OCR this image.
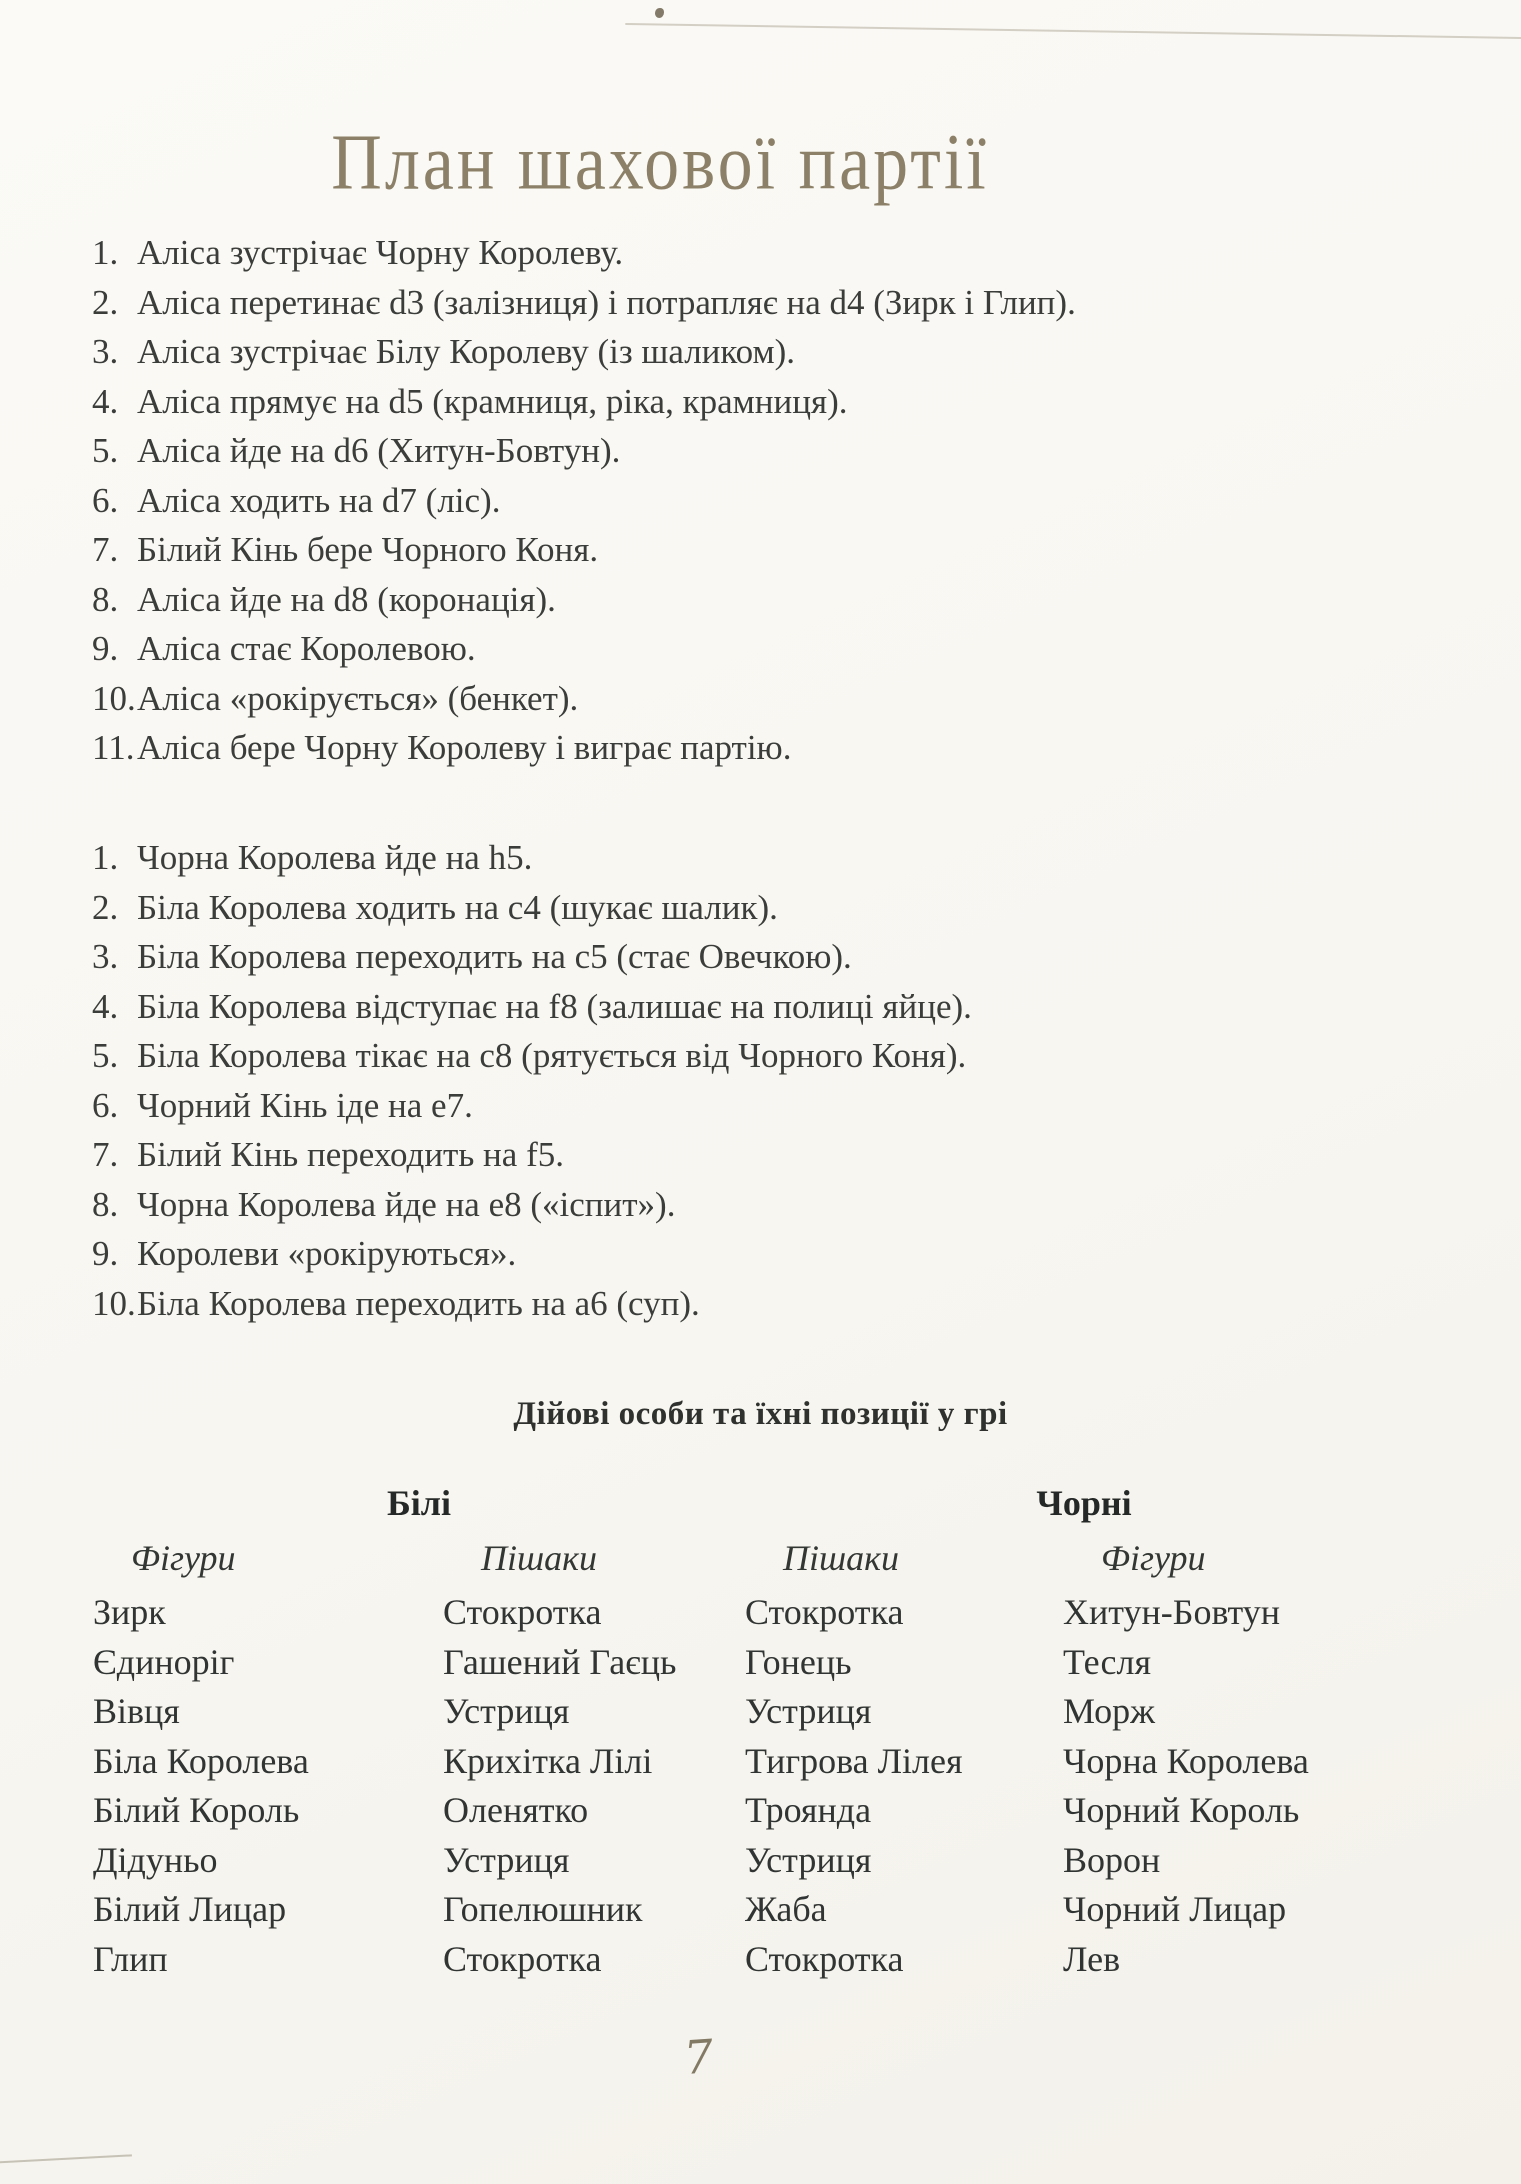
План шахової партії
1. Аліса зустрічає Чорну Королеву.
2. Аліса перетинає d3 (залізниця) і потрапляє на d4 (Зирк і Глип).
3. Аліса зустрічає Білу Королеву (із шаликом).
4. Аліса прямує на d5 (крамниця, ріка, крамниця).
5. Аліса йде на d6 (Хитун-Бовтун).
6. Аліса ходить на d7 (ліс).
7. Білий Кінь бере Чорного Коня.
8. Аліса йде на d8 (коронація).
9. Аліса стає Королевою.
10.Аліса «рокірується» (бенкет).
11.Аліса бере Чорну Королеву і виграє партію.
1. Чорна Королева йде на h5.
2. Біла Королева ходить на c4 (шукає шалик).
3. Біла Королева переходить на c5 (стає Овечкою).
4. Біла Королева відступає на f8 (залишає на полиці яйце).
5. Біла Королева тікає на c8 (рятується від Чорного Коня).
6. Чорний Кінь іде на e7.
7. Білий Кінь переходить на f5.
8. Чорна Королева йде на e8 («іспит»).
9. Королеви «рокіруються».
10.Біла Королева переходить на a6 (суп).
Дійові особи та їхні позиції у грі
Білі	Чорні
Фігури	Пішаки	Пішаки	Фігури
Зирк	Стокротка	Стокротка	Хитун-Бовтун
Єдиноріг	Гашений Гаєць	Гонець	Тесля
Вівця	Устриця	Устриця	Морж
Біла Королева	Крихітка Лілі	Тигрова Лілея	Чорна Королева
Білий Король	Оленятко	Троянда	Чорний Король
Дідуньо	Устриця	Устриця	Ворон
Білий Лицар	Гопелюшник	Жаба	Чорний Лицар
Глип	Стокротка	Стокротка	Лев
7
